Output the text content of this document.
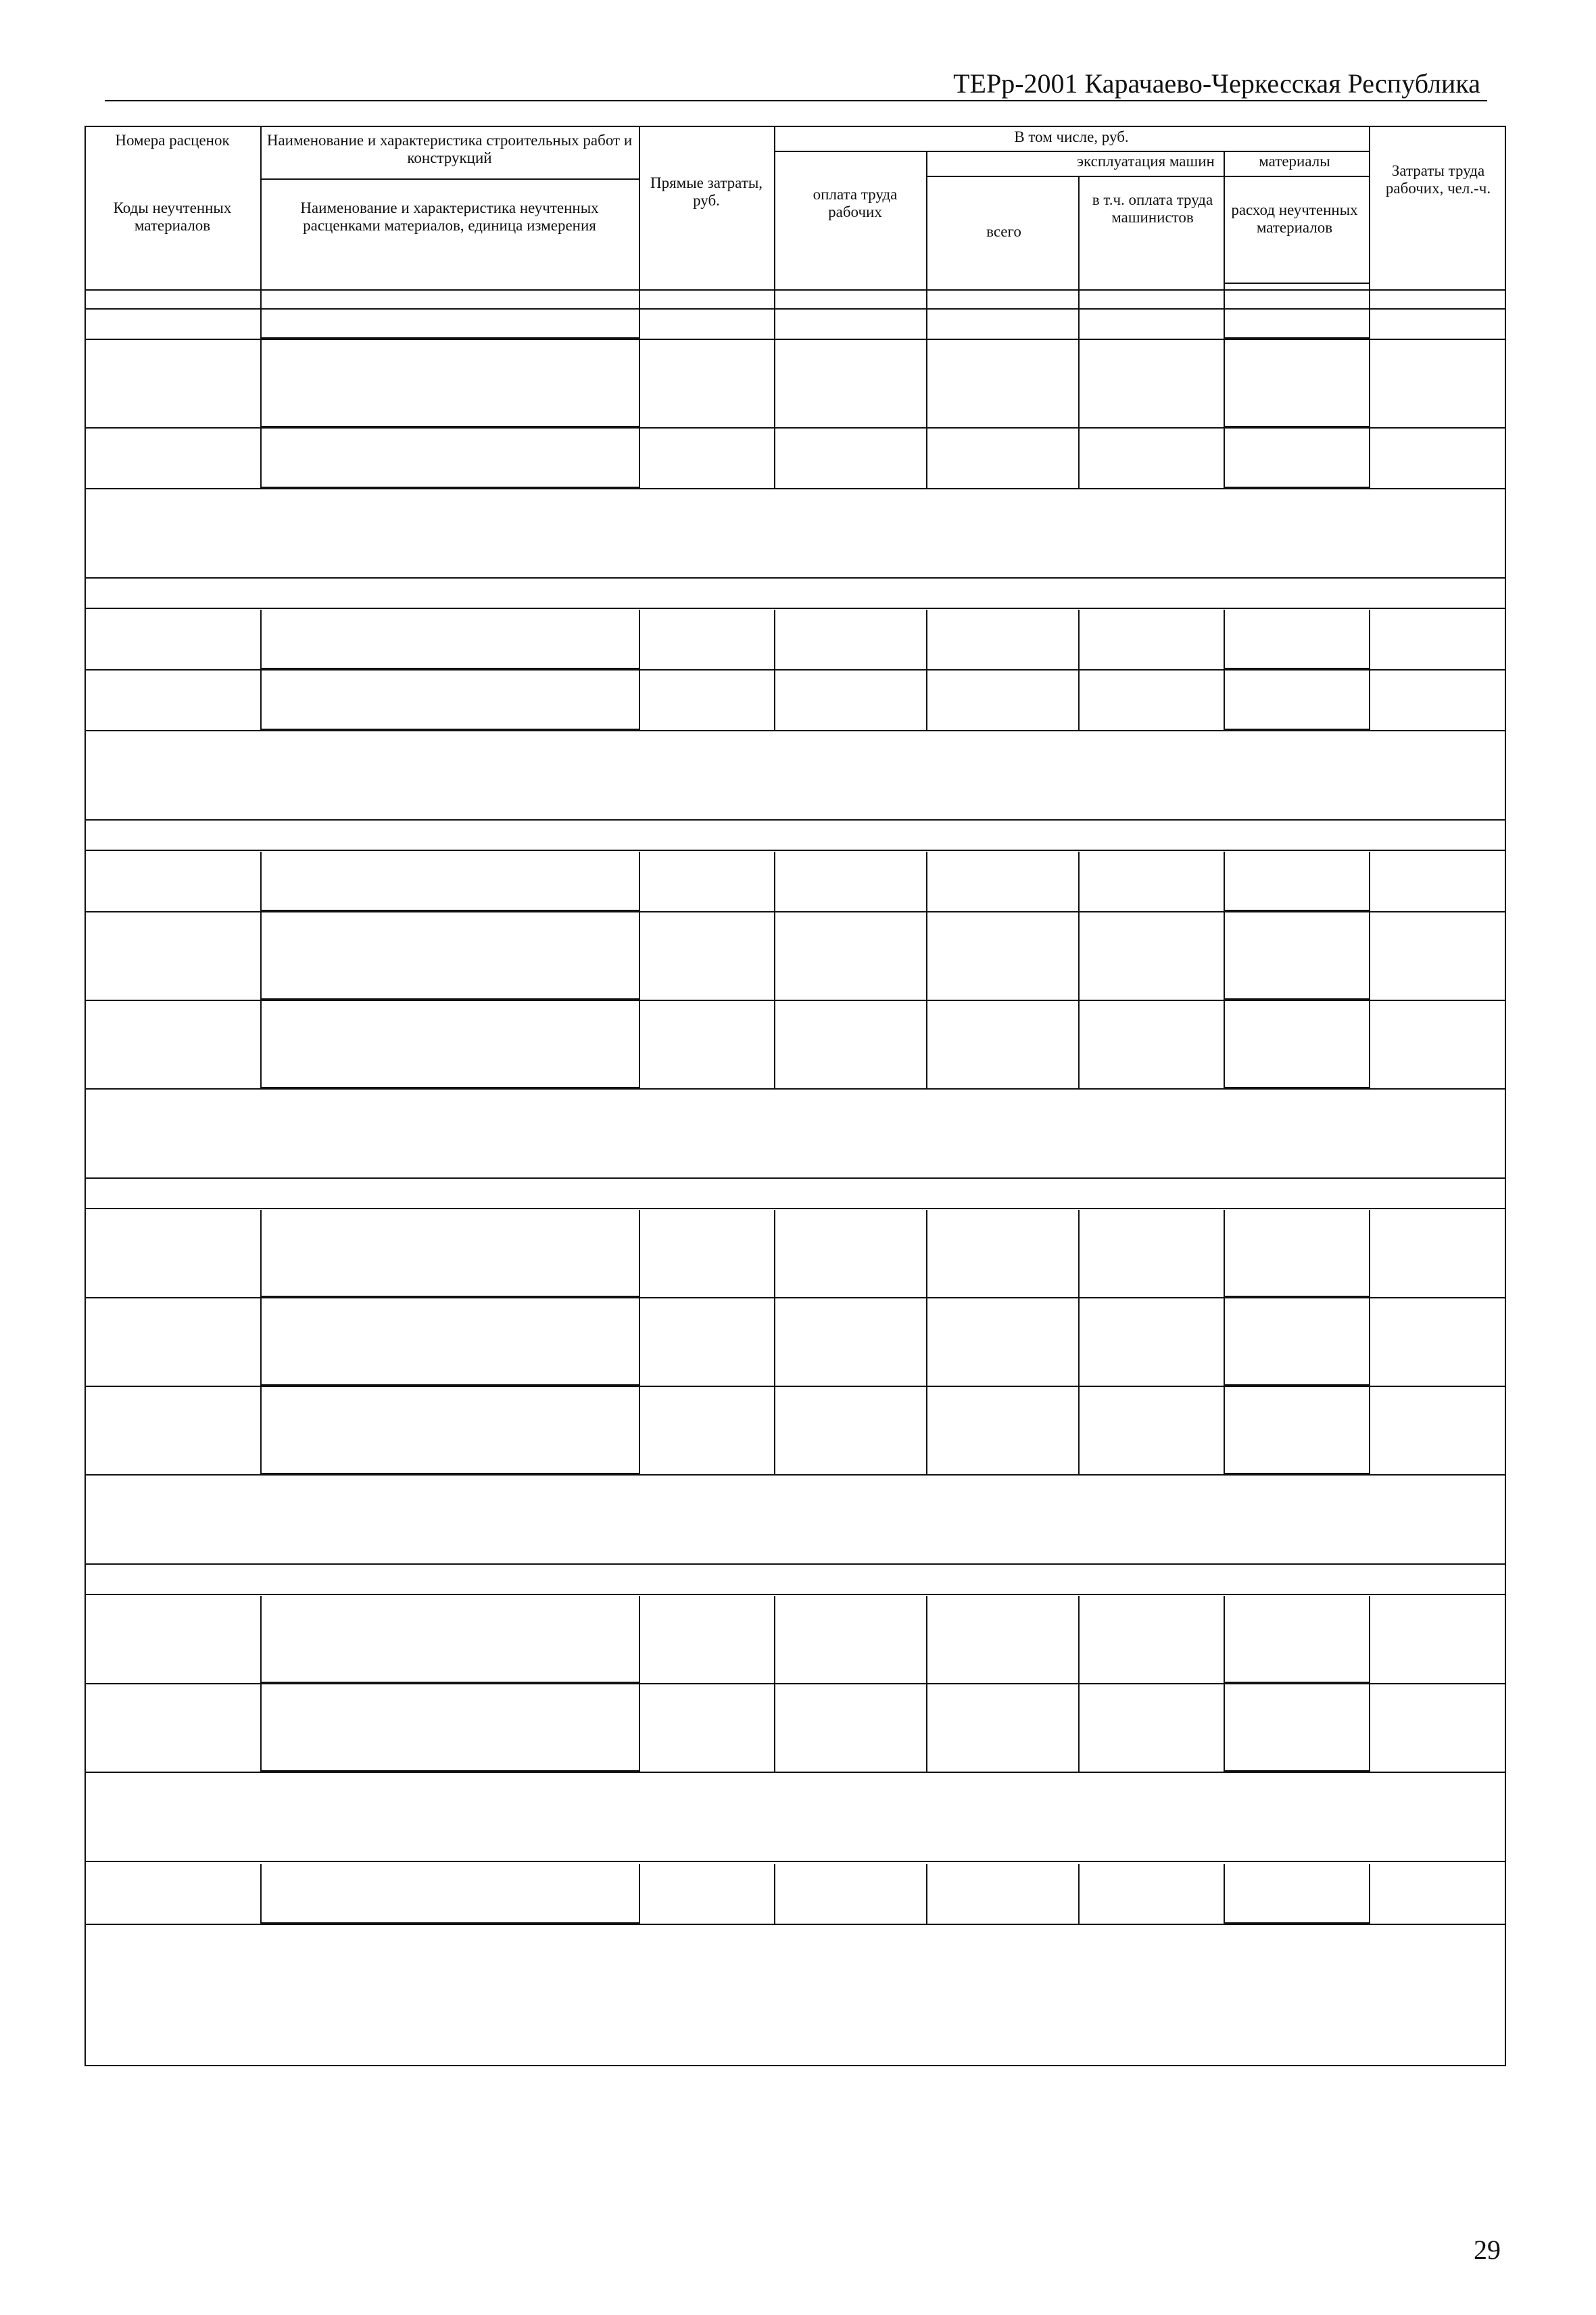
ТЕРр-2001 Карачаево-Черкесская Республика
Номера расценок
Коды неучтенных материалов
Наименование и характеристика строительных работ и конструкций
Наименование и характеристика неучтенных расценками материалов, единица измерения
Прямые затраты, руб.
В том числе, руб.
эксплуатация машин	материалы
оплата труда рабочих
всего
в т.ч. оплата труда машинистов	расход неучтенных материалов
Затраты труда рабочих, чел.-ч.
29
